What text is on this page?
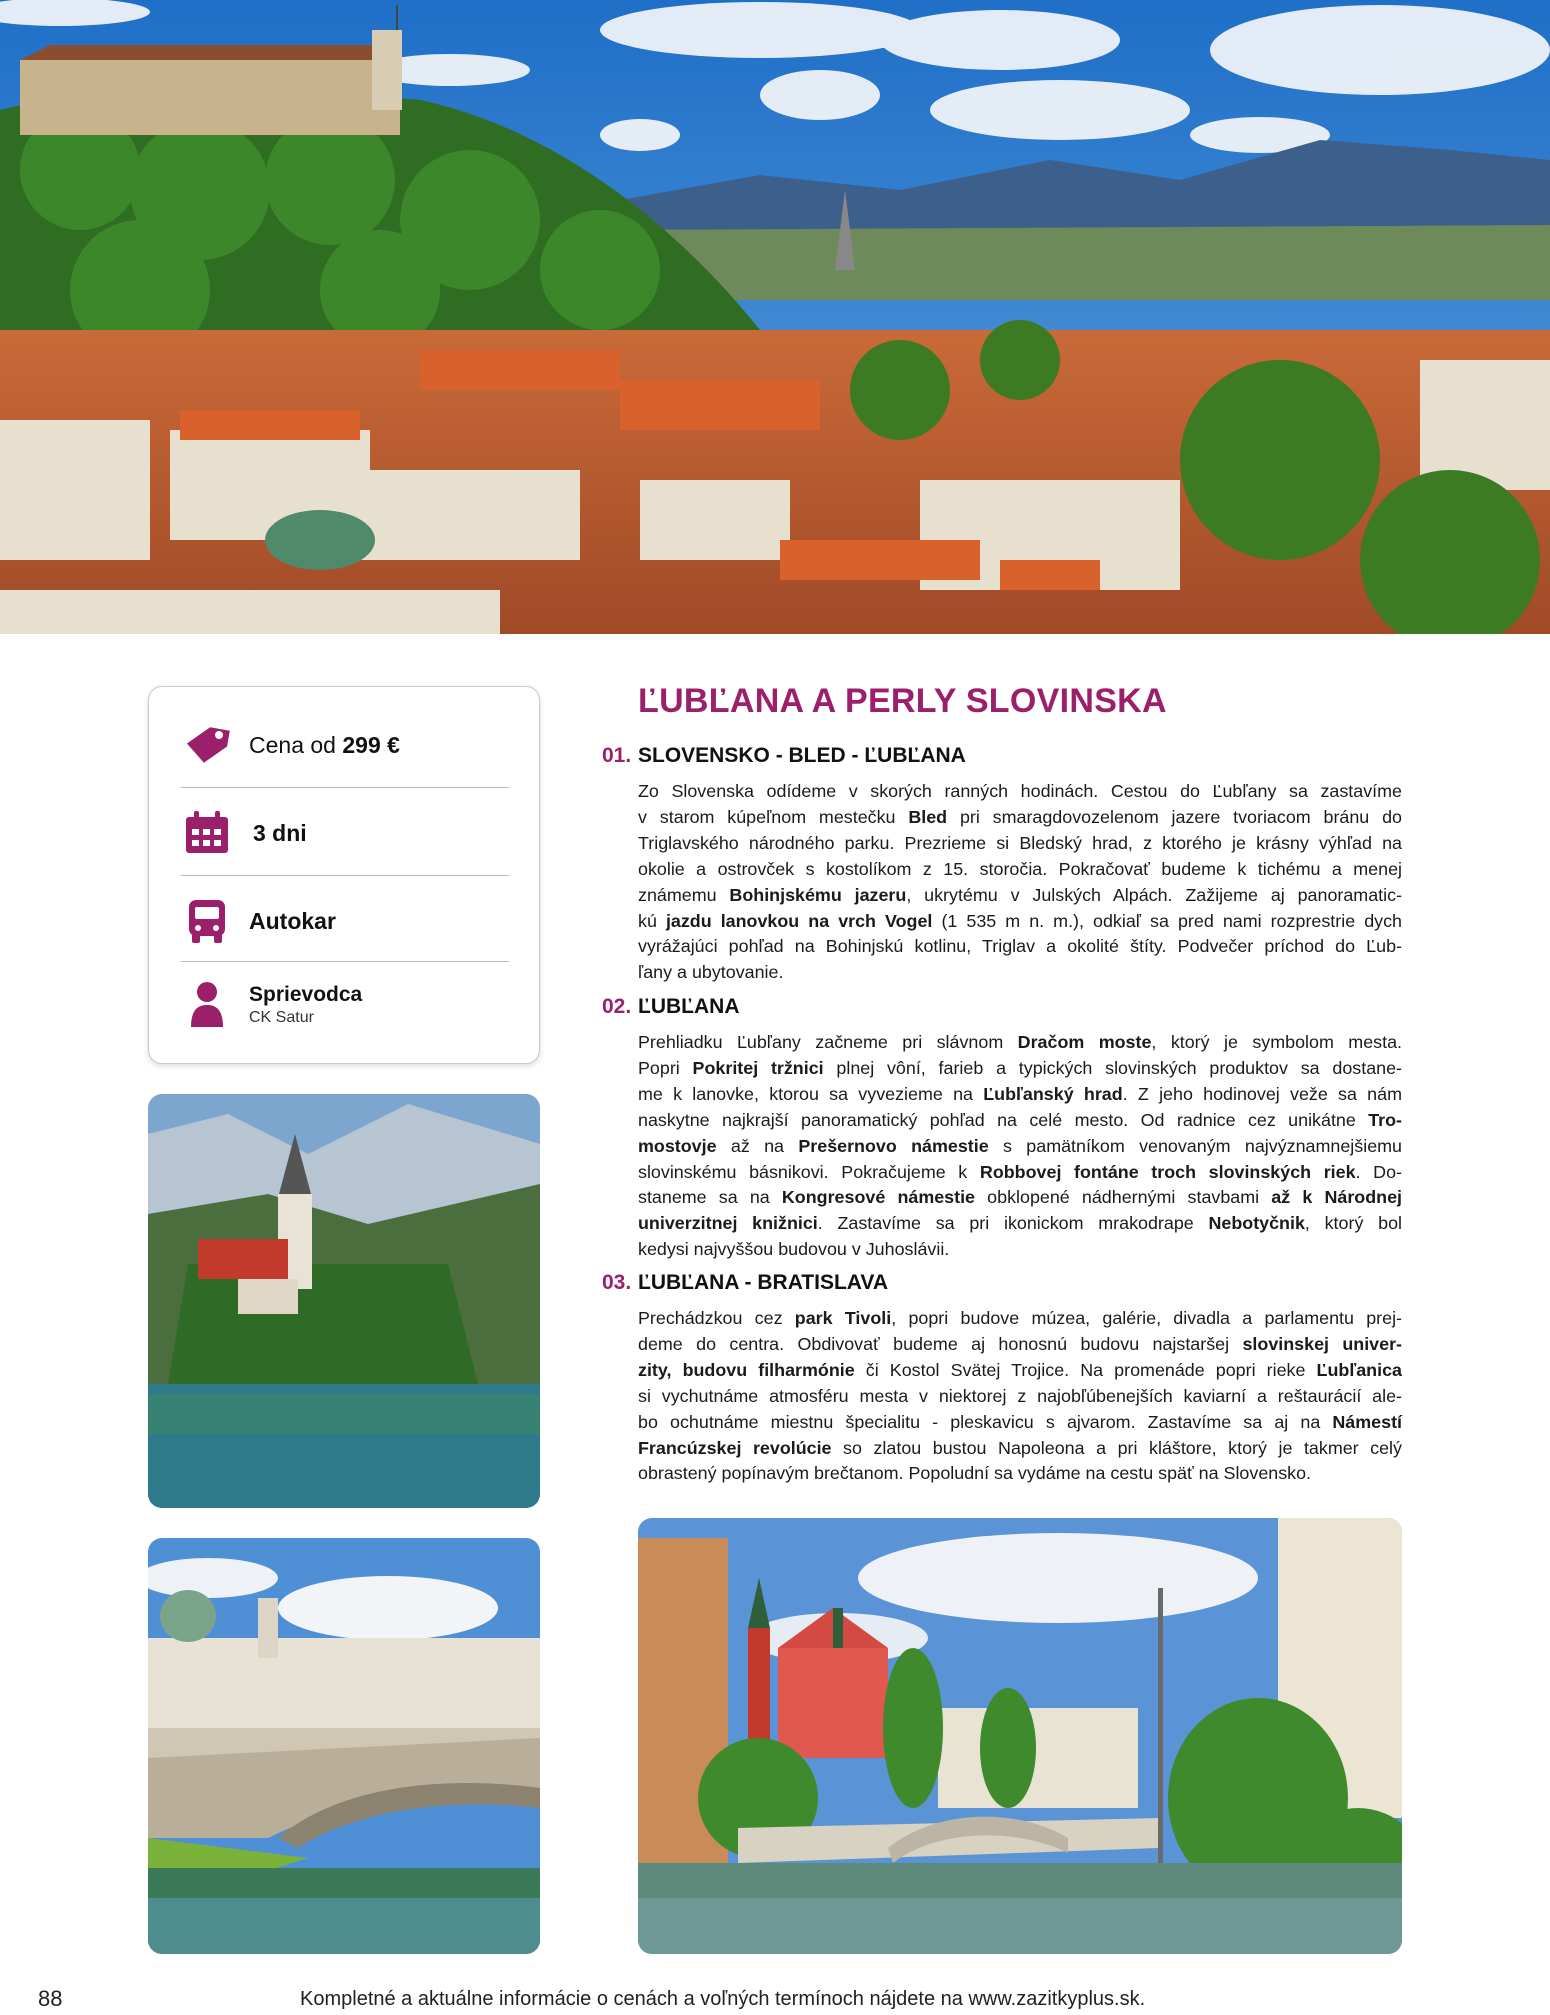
Cena od 299 €
3 dni
Autokar
Sprievodca
CK Satur
ĽUBĽANA A PERLY SLOVINSKA
01. SLOVENSKO - BLED - ĽUBĽANA
Zo Slovenska odídeme v skorých ranných hodinách. Cestou do Ľubľany sa zastavíme
v starom kúpeľnom mestečku Bled pri smaragdovozelenom jazere tvoriacom bránu do
Triglavského národného parku. Prezrieme si Bledský hrad, z ktorého je krásny výhľad na
okolie a ostrovček s kostolíkom z 15. storočia. Pokračovať budeme k tichému a menej
známemu Bohinjskému jazeru, ukrytému v Julských Alpách. Zažijeme aj panoramatic-
kú jazdu lanovkou na vrch Vogel (1 535 m n. m.), odkiaľ sa pred nami rozprestrie dych
vyrážajúci pohľad na Bohinjskú kotlinu, Triglav a okolité štíty. Podvečer príchod do Ľub-
ľany a ubytovanie.
02. ĽUBĽANA
Prehliadku Ľubľany začneme pri slávnom Dračom moste, ktorý je symbolom mesta.
Popri Pokritej tržnici plnej vôní, farieb a typických slovinských produktov sa dostane-
me k lanovke, ktorou sa vyvezieme na Ľubľanský hrad. Z jeho hodinovej veže sa nám
naskytne najkrajší panoramatický pohľad na celé mesto. Od radnice cez unikátne Tro-
mostovje až na Prešernovo námestie s pamätníkom venovaným najvýznamnejšiemu
slovinskému básnikovi. Pokračujeme k Robbovej fontáne troch slovinských riek. Do-
staneme sa na Kongresové námestie obklopené nádhernými stavbami až k Národnej
univerzitnej knižnici. Zastavíme sa pri ikonickom mrakodrape Nebotyčnik, ktorý bol
kedysi najvyššou budovou v Juhoslávii.
03. ĽUBĽANA - BRATISLAVA
Prechádzkou cez park Tivoli, popri budove múzea, galérie, divadla a parlamentu prej-
deme do centra. Obdivovať budeme aj honosnú budovu najstaršej slovinskej univer-
zity, budovu filharmónie či Kostol Svätej Trojice. Na promenáde popri rieke Ľubľanica
si vychutnáme atmosféru mesta v niektorej z najobľúbenejších kaviarní a reštaurácií ale-
bo ochutnáme miestnu špecialitu - pleskavicu s ajvarom. Zastavíme sa aj na Námestí
Francúzskej revolúcie so zlatou bustou Napoleona a pri kláštore, ktorý je takmer celý
obrastený popínavým brečtanom. Popoludní sa vydáme na cestu späť na Slovensko.
88	Kompletné a aktuálne informácie o cenách a voľných termínoch nájdete na www.zazitkyplus.sk.
